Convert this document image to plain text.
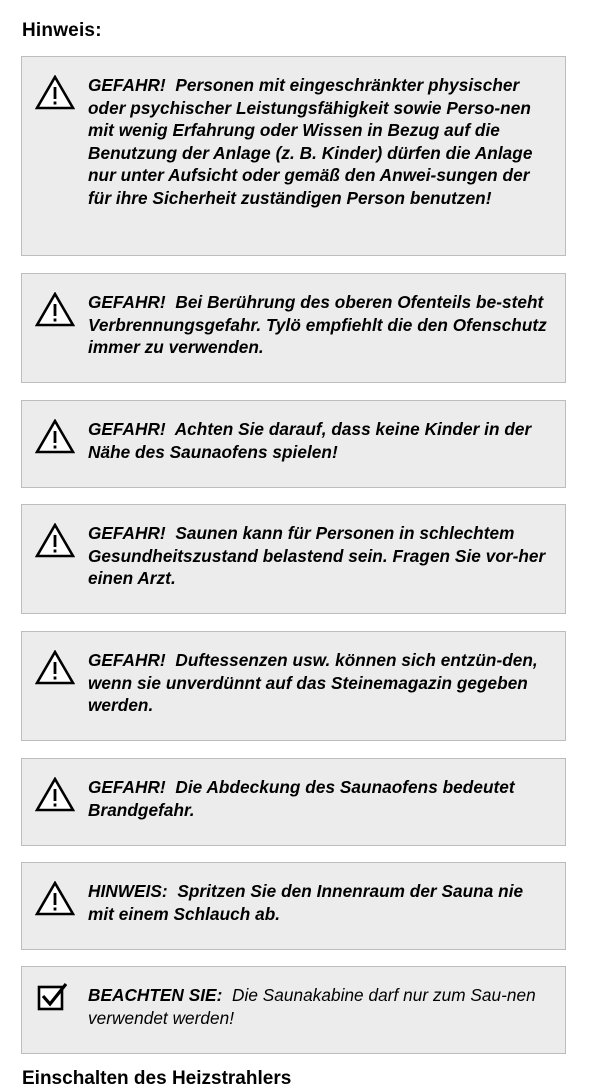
Hinweis:
GEFAHR! Personen mit eingeschränkter physischer oder psychischer Leistungsfähigkeit sowie Perso-nen mit wenig Erfahrung oder Wissen in Bezug auf die Benutzung der Anlage (z. B. Kinder) dürfen die Anlage nur unter Aufsicht oder gemäß den Anwei-sungen der für ihre Sicherheit zuständigen Person benutzen!
GEFAHR! Bei Berührung des oberen Ofenteils be-steht Verbrennungsgefahr. Tylö empfiehlt die den Ofenschutz immer zu verwenden.
GEFAHR! Achten Sie darauf, dass keine Kinder in der Nähe des Saunaofens spielen!
GEFAHR! Saunen kann für Personen in schlechtem Gesundheitszustand belastend sein. Fragen Sie vor-her einen Arzt.
GEFAHR! Duftessenzen usw. können sich entzün-den, wenn sie unverdünnt auf das Steinemagazin gegeben werden.
GEFAHR! Die Abdeckung des Saunaofens bedeutet Brandgefahr.
HINWEIS: Spritzen Sie den Innenraum der Sauna nie mit einem Schlauch ab.
BEACHTEN SIE: Die Saunakabine darf nur zum Sau-nen verwendet werden!
Einschalten des Heizstrahlers
